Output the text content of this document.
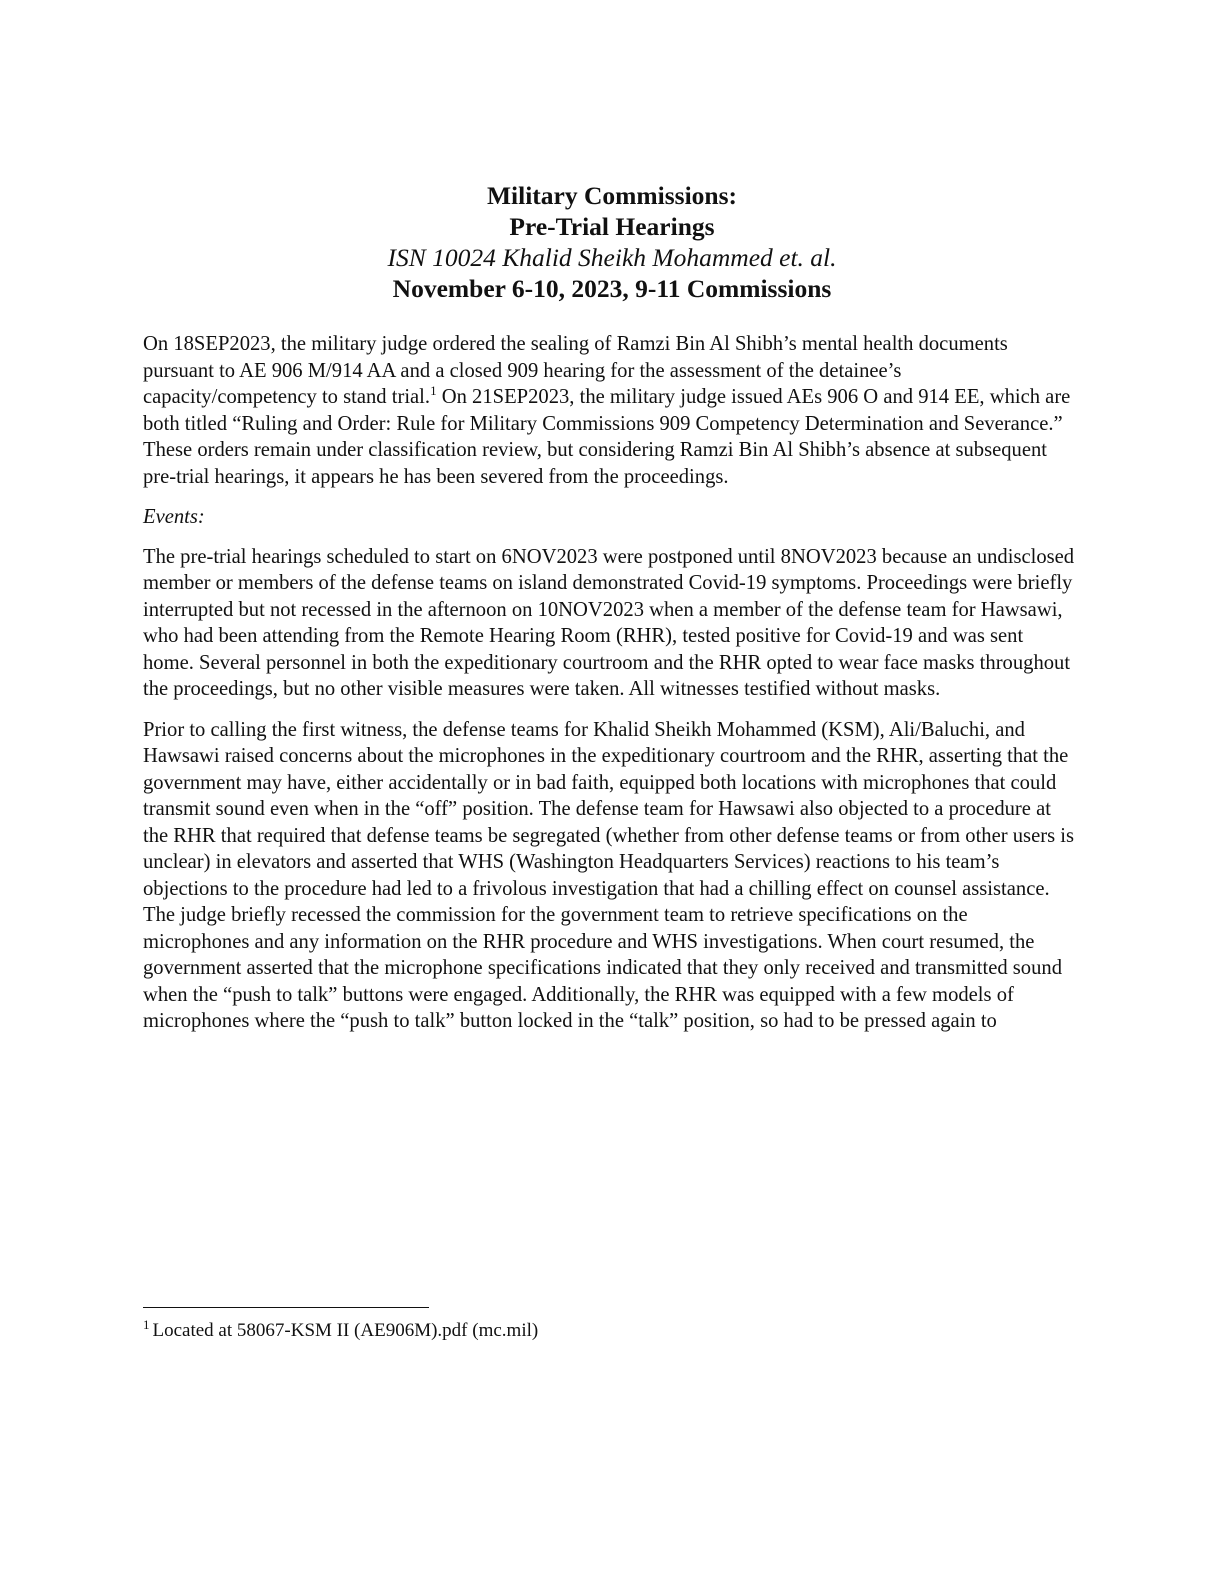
Military Commissions:
Pre-Trial Hearings
ISN 10024 Khalid Sheikh Mohammed et. al.
November 6-10, 2023, 9-11 Commissions

On 18SEP2023, the military judge ordered the sealing of Ramzi Bin Al Shibh’s mental health documents pursuant to AE 906 M/914 AA and a closed 909 hearing for the assessment of the detainee’s capacity/competency to stand trial.$^1$ On 21SEP2023, the military judge issued AEs 906 O and 914 EE, which are both titled “Ruling and Order: Rule for Military Commissions 909 Competency Determination and Severance.” These orders remain under classification review, but considering Ramzi Bin Al Shibh’s absence at subsequent pre-trial hearings, it appears he has been severed from the proceedings.

Events:

The pre-trial hearings scheduled to start on 6NOV2023 were postponed until 8NOV2023 because an undisclosed member or members of the defense teams on island demonstrated Covid-19 symptoms. Proceedings were briefly interrupted but not recessed in the afternoon on 10NOV2023 when a member of the defense team for Hawsawi, who had been attending from the Remote Hearing Room (RHR), tested positive for Covid-19 and was sent home. Several personnel in both the expeditionary courtroom and the RHR opted to wear face masks throughout the proceedings, but no other visible measures were taken. All witnesses testified without masks.

Prior to calling the first witness, the defense teams for Khalid Sheikh Mohammed (KSM), Ali/Baluchi, and Hawsawi raised concerns about the microphones in the expeditionary courtroom and the RHR, asserting that the government may have, either accidentally or in bad faith, equipped both locations with microphones that could transmit sound even when in the “off” position. The defense team for Hawsawi also objected to a procedure at the RHR that required that defense teams be segregated (whether from other defense teams or from other users is unclear) in elevators and asserted that WHS (Washington Headquarters Services) reactions to his team’s objections to the procedure had led to a frivolous investigation that had a chilling effect on counsel assistance. The judge briefly recessed the commission for the government team to retrieve specifications on the microphones and any information on the RHR procedure and WHS investigations. When court resumed, the government asserted that the microphone specifications indicated that they only received and transmitted sound when the “push to talk” buttons were engaged. Additionally, the RHR was equipped with a few models of microphones where the “push to talk” button locked in the “talk” position, so had to be pressed again to

$^1$ Located at 58067-KSM II (AE906M).pdf (mc.mil)
